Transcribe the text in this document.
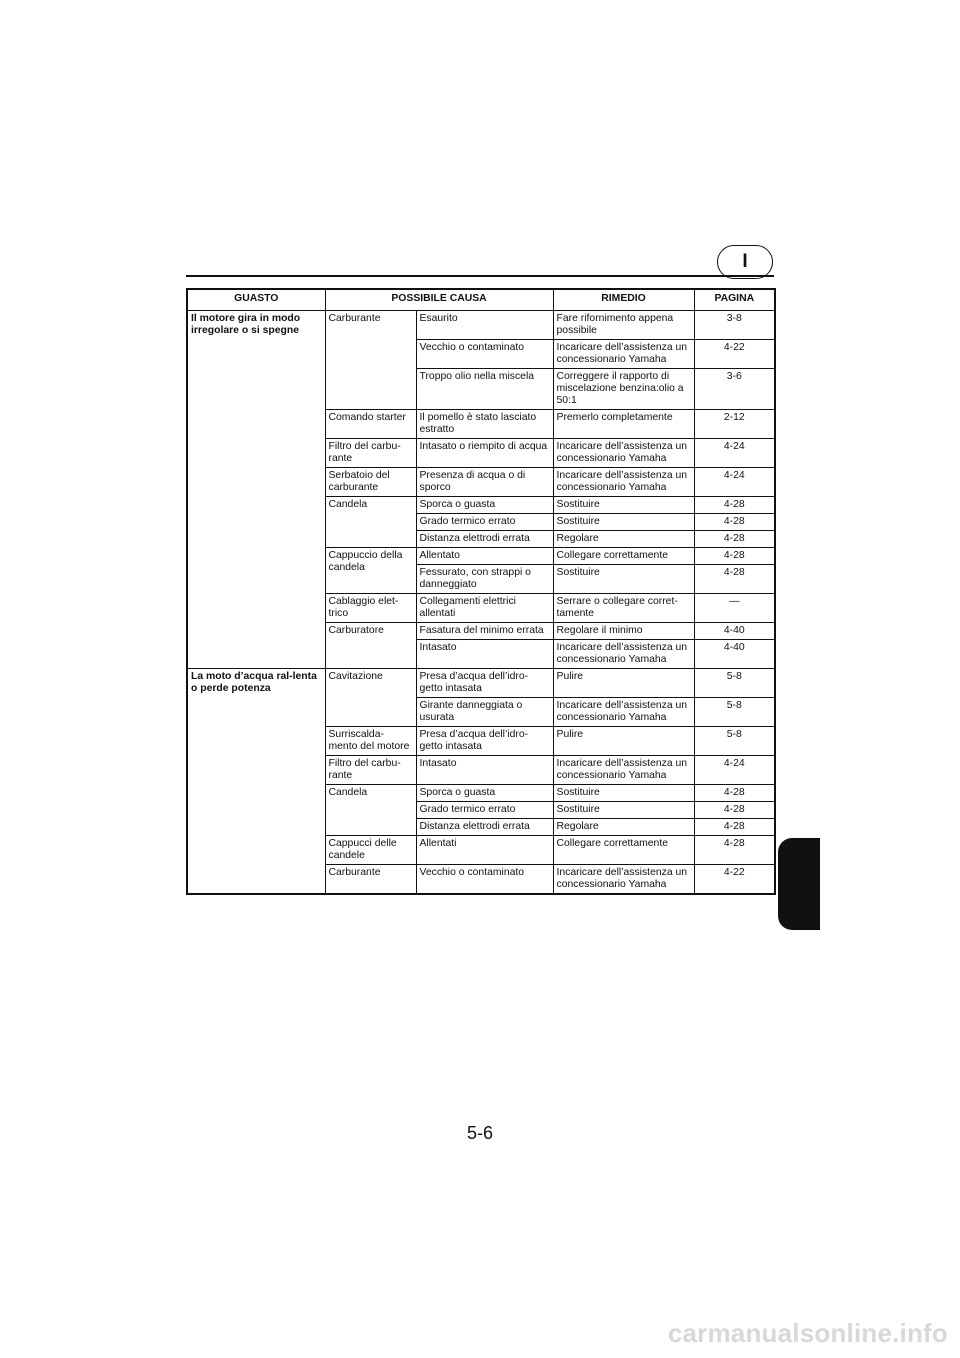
I
GUASTO	POSSIBILE CAUSA		RIMEDIO	PAGINA
Il motore gira in modo irregolare o si spegne	Carburante	Esaurito	Fare rifornimento appena possibile	3-8
		Vecchio o contaminato	Incaricare dell’assistenza un concessionario Yamaha	4-22
		Troppo olio nella miscela	Correggere il rapporto di miscelazione benzina:olio a 50:1	3-6
	Comando starter	Il pomello è stato lasciato estratto	Premerlo completamente	2-12
	Filtro del carbu-rante	Intasato o riempito di acqua	Incaricare dell’assistenza un concessionario Yamaha	4-24
	Serbatoio del carburante	Presenza di acqua o di sporco	Incaricare dell’assistenza un concessionario Yamaha	4-24
	Candela	Sporca o guasta	Sostituire	4-28
		Grado termico errato	Sostituire	4-28
		Distanza elettrodi errata	Regolare	4-28
	Cappuccio della candela	Allentato	Collegare correttamente	4-28
		Fessurato, con strappi o danneggiato	Sostituire	4-28
	Cablaggio elet-trico	Collegamenti elettrici allentati	Serrare o collegare corret-tamente	—
	Carburatore	Fasatura del minimo errata	Regolare il minimo	4-40
		Intasato	Incaricare dell’assistenza un concessionario Yamaha	4-40
La moto d’acqua ral-lenta o perde potenza	Cavitazione	Presa d’acqua dell’idro-getto intasata	Pulire	5-8
		Girante danneggiata o usurata	Incaricare dell’assistenza un concessionario Yamaha	5-8
	Surriscalda-mento del motore	Presa d’acqua dell’idro-getto intasata	Pulire	5-8
	Filtro del carbu-rante	Intasato	Incaricare dell’assistenza un concessionario Yamaha	4-24
	Candela	Sporca o guasta	Sostituire	4-28
		Grado termico errato	Sostituire	4-28
		Distanza elettrodi errata	Regolare	4-28
	Cappucci delle candele	Allentati	Collegare correttamente	4-28
	Carburante	Vecchio o contaminato	Incaricare dell’assistenza un concessionario Yamaha	4-22
5-6
carmanualsonline.info
